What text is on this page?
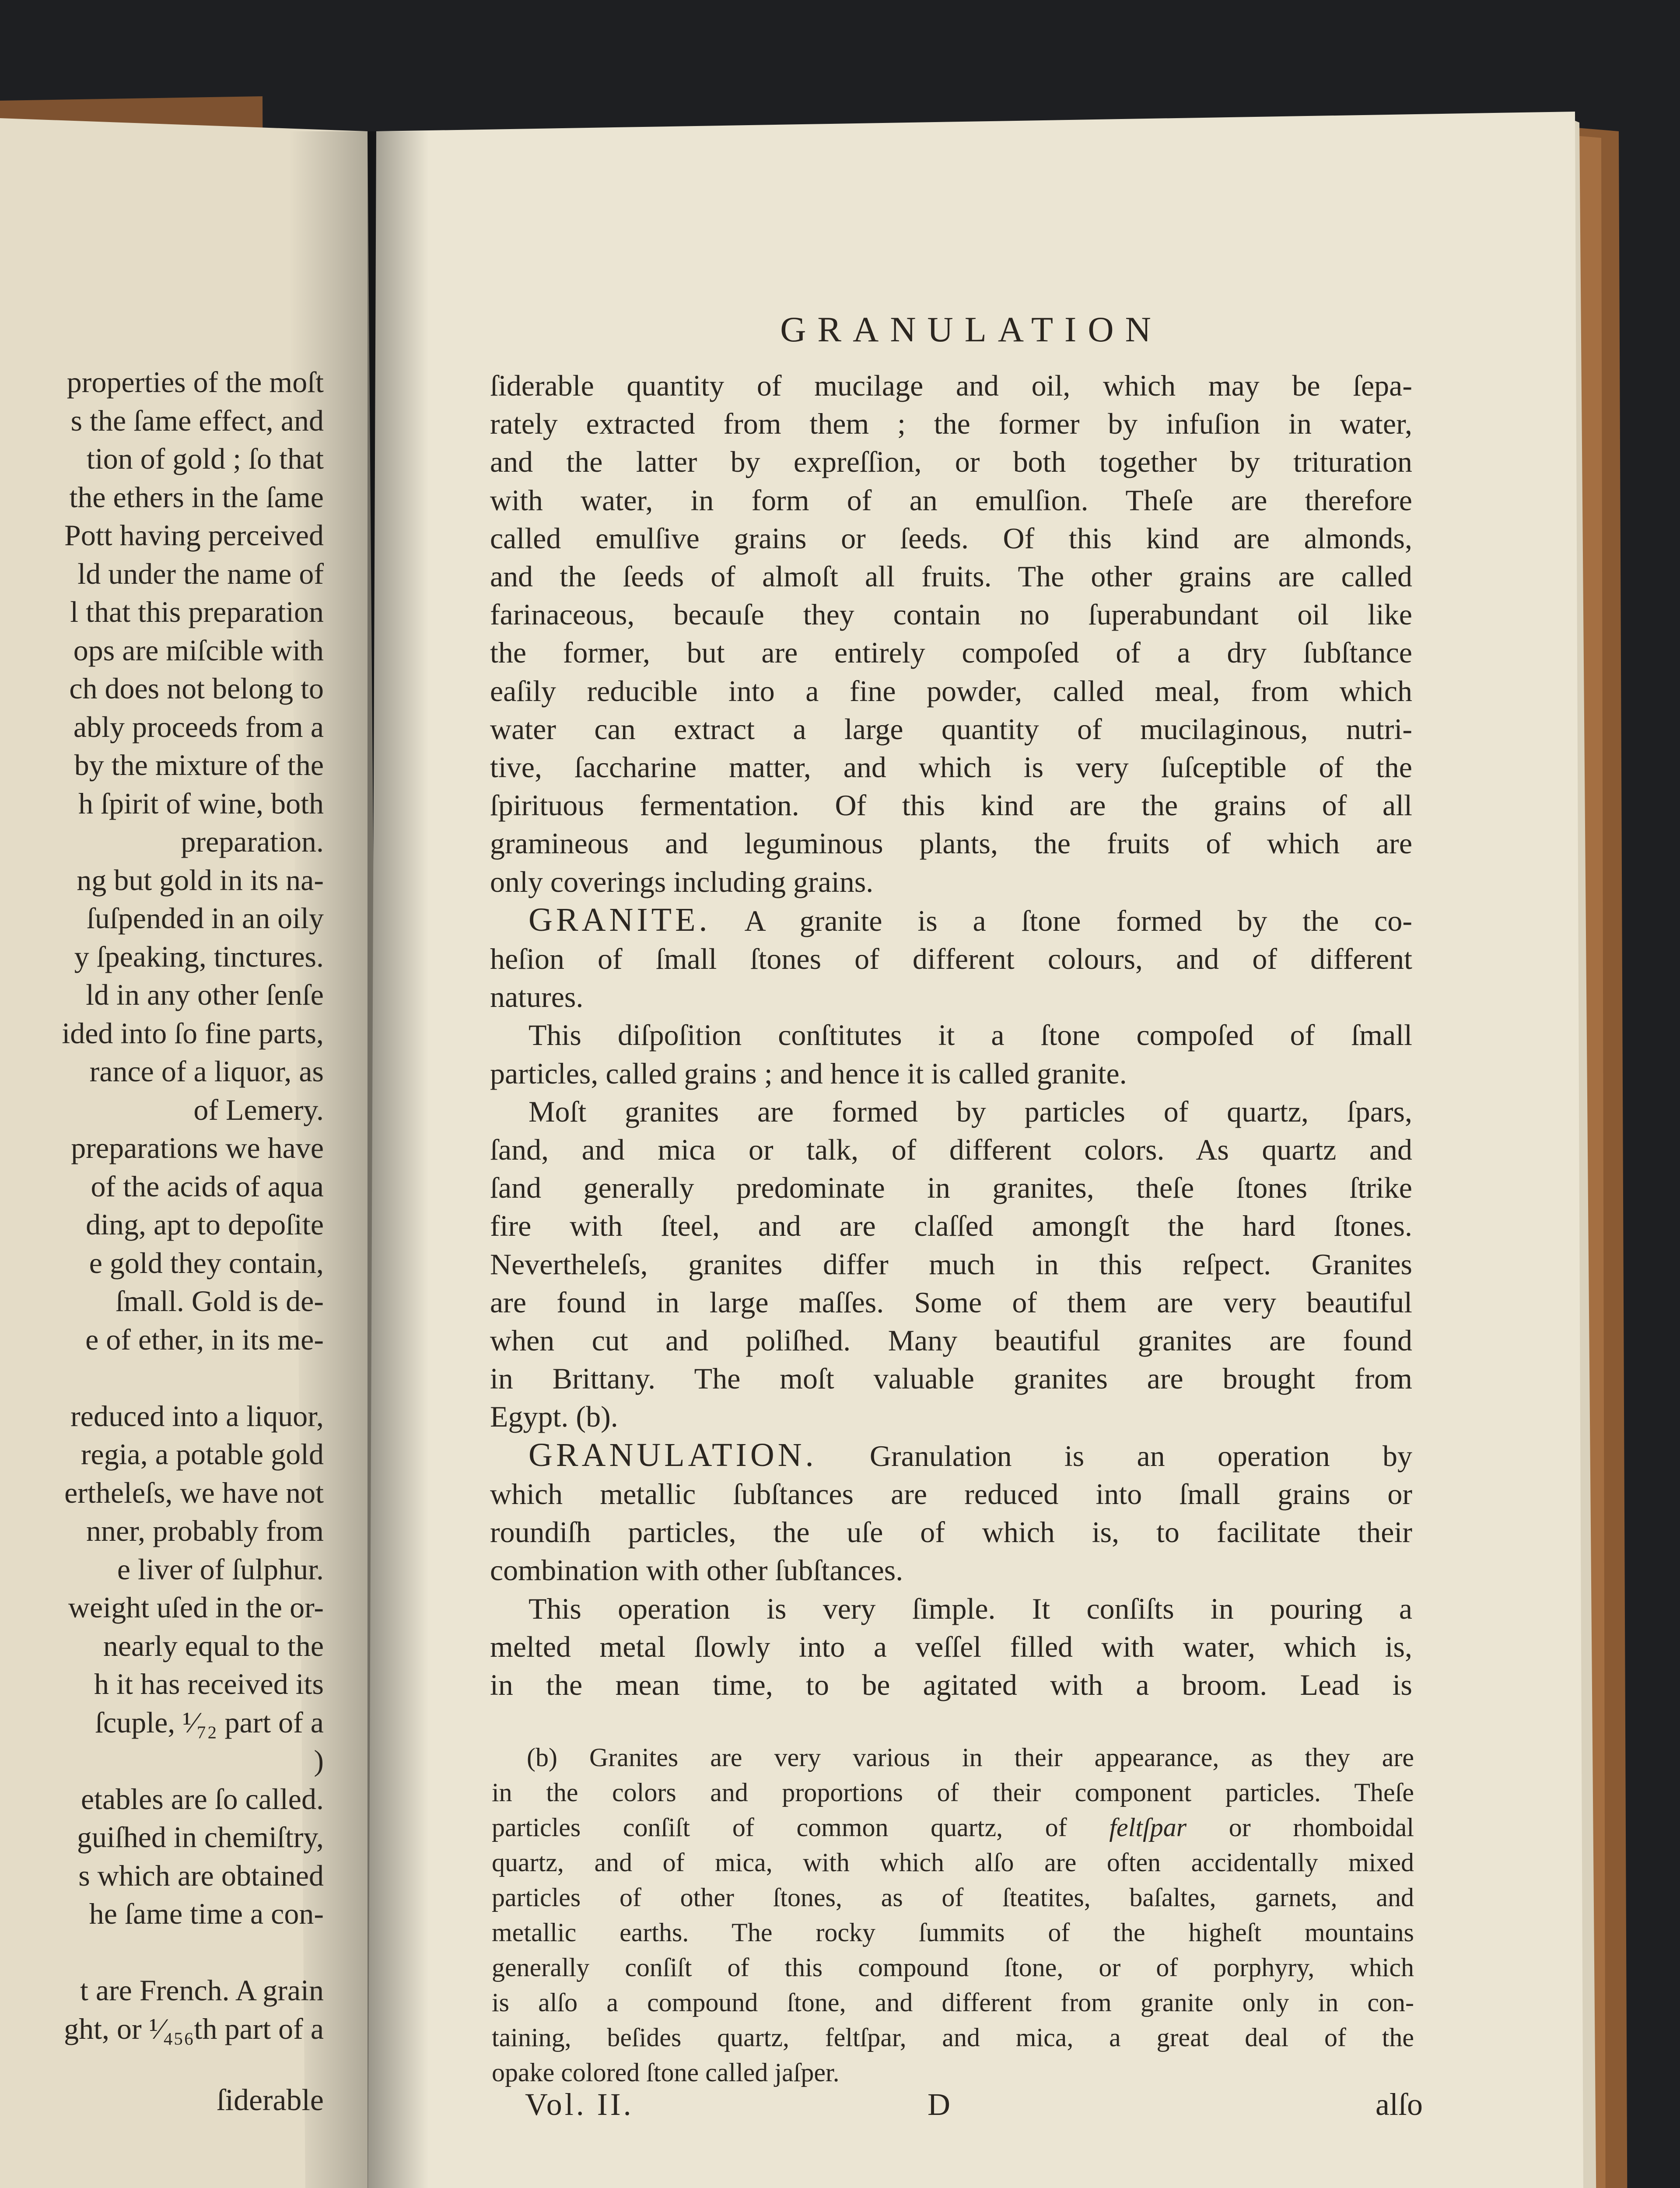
properties of the moſt
s the ſame effect, and
tion of gold ; ſo that
the ethers in the ſame
Pott having perceived
ld under the name of
l that this preparation
ops are miſcible with
ch does not belong to
ably proceeds from a
by the mixture of the
h ſpirit of wine, both
preparation.
ng but gold in its na-
ſuſpended in an oily
y ſpeaking, tinctures.
ld in any other ſenſe
ided into ſo fine parts,
rance of a liquor, as
of Lemery.
preparations we have
of the acids of aqua
ding, apt to depoſite
e gold they contain,
ſmall. Gold is de-
e of ether, in its me-

reduced into a liquor,
regia, a potable gold
ertheleſs, we have not
nner, probably from
e liver of ſulphur.
weight uſed in the or-
nearly equal to the
h it has received its
ſcuple, ¹⁄₇₂ part of a
)
etables are ſo called.
guiſhed in chemiſtry,
s which are obtained
he ſame time a con-

t are French. A grain
ght, or ¹⁄₄₅₆th part of a
ſiderable
GRANULATION
ſiderable quantity of mucilage and oil, which may be ſepa-
rately extracted from them ; the former by infuſion in water,
and the latter by expreſſion, or both together by trituration
with water, in form of an emulſion. Theſe are therefore
called emulſive grains or ſeeds. Of this kind are almonds,
and the ſeeds of almoſt all fruits. The other grains are called
farinaceous, becauſe they contain no ſuperabundant oil like
the former, but are entirely compoſed of a dry ſubſtance
eaſily reducible into a fine powder, called meal, from which
water can extract a large quantity of mucilaginous, nutri-
tive, ſaccharine matter, and which is very ſuſceptible of the
ſpirituous fermentation. Of this kind are the grains of all
gramineous and leguminous plants, the fruits of which are
only coverings including grains.
GRANITE. A granite is a ſtone formed by the co-
heſion of ſmall ſtones of different colours, and of different
natures.
This diſpoſition conſtitutes it a ſtone compoſed of ſmall
particles, called grains ; and hence it is called granite.
Moſt granites are formed by particles of quartz, ſpars,
ſand, and mica or talk, of different colors. As quartz and
ſand generally predominate in granites, theſe ſtones ſtrike
fire with ſteel, and are claſſed amongſt the hard ſtones.
Nevertheleſs, granites differ much in this reſpect. Granites
are found in large maſſes. Some of them are very beautiful
when cut and poliſhed. Many beautiful granites are found
in Brittany. The moſt valuable granites are brought from
Egypt. (b).
GRANULATION. Granulation is an operation by
which metallic ſubſtances are reduced into ſmall grains or
roundiſh particles, the uſe of which is, to facilitate their
combination with other ſubſtances.
This operation is very ſimple. It conſiſts in pouring a
melted metal ſlowly into a veſſel filled with water, which is,
in the mean time, to be agitated with a broom. Lead is
(b) Granites are very various in their appearance, as they are
in the colors and proportions of their component particles. Theſe
particles conſiſt of common quartz, of feltſpar or rhomboidal
quartz, and of mica, with which alſo are often accidentally mixed
particles of other ſtones, as of ſteatites, baſaltes, garnets, and
metallic earths. The rocky ſummits of the higheſt mountains
generally conſiſt of this compound ſtone, or of porphyry, which
is alſo a compound ſtone, and different from granite only in con-
taining, beſides quartz, feltſpar, and mica, a great deal of the
opake colored ſtone called jaſper.
Vol. II.	D	alſo
